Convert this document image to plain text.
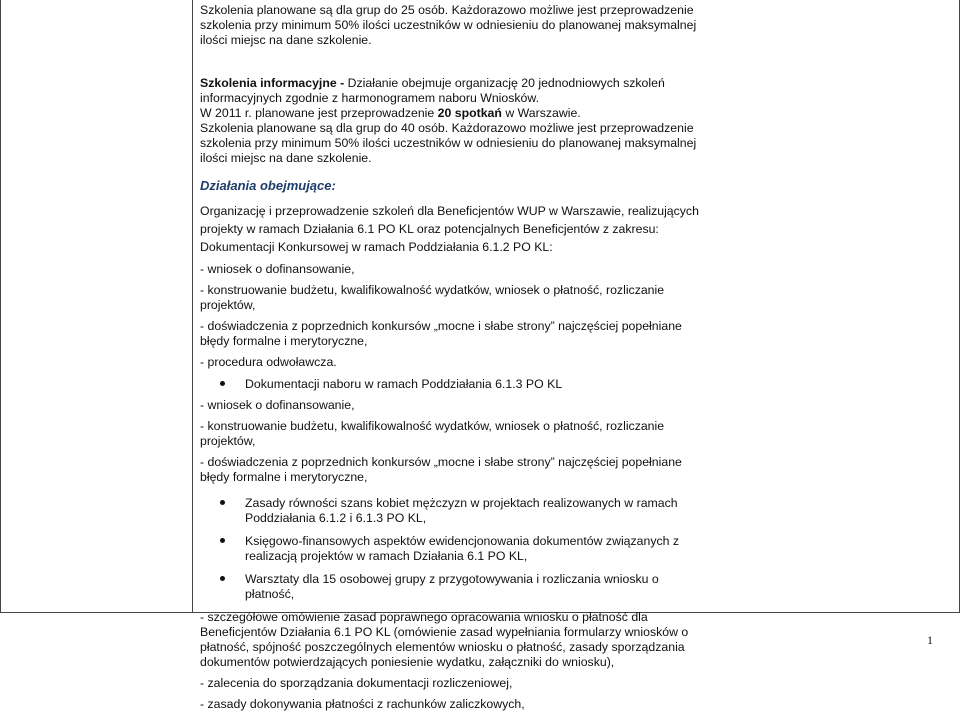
Szkolenia planowane są dla grup do 25 osób. Każdorazowo możliwe jest przeprowadzenie szkolenia przy minimum 50% ilości uczestników w odniesieniu do planowanej maksymalnej ilości miejsc na dane szkolenie.

Szkolenia informacyjne - Działanie obejmuje organizację 20 jednodniowych szkoleń informacyjnych zgodnie z harmonogramem naboru Wniosków.

W 2011 r. planowane jest przeprowadzenie 20 spotkań w Warszawie.

Szkolenia planowane są dla grup do 40 osób. Każdorazowo możliwe jest przeprowadzenie szkolenia przy minimum 50% ilości uczestników w odniesieniu do planowanej maksymalnej ilości miejsc na dane szkolenie.

Działania obejmujące:

Organizację i przeprowadzenie szkoleń dla Beneficjentów WUP w Warszawie, realizujących projekty w ramach Działania 6.1 PO KL oraz potencjalnych Beneficjentów z zakresu: Dokumentacji Konkursowej w ramach Poddziałania 6.1.2 PO KL:

- wniosek o dofinansowanie,

- konstruowanie budżetu, kwalifikowalność wydatków, wniosek o płatność, rozliczanie projektów,

- doświadczenia z poprzednich konkursów „mocne i słabe strony” najczęściej popełniane błędy formalne i merytoryczne,

- procedura odwoławcza.

Dokumentacji naboru w ramach Poddziałania 6.1.3 PO KL

- wniosek o dofinansowanie,

- konstruowanie budżetu, kwalifikowalność wydatków, wniosek o płatność, rozliczanie projektów,

- doświadczenia z poprzednich konkursów „mocne i słabe strony” najczęściej popełniane błędy formalne i merytoryczne,

Zasady równości szans kobiet mężczyzn w projektach realizowanych w ramach Poddziałania 6.1.2 i 6.1.3 PO KL,
Księgowo-finansowych aspektów ewidencjonowania dokumentów związanych z realizacją projektów w ramach Działania 6.1 PO KL,
Warsztaty dla 15 osobowej grupy z przygotowywania i rozliczania wniosku o płatność,

- szczegółowe omówienie zasad poprawnego opracowania wniosku o płatność dla Beneficjentów Działania 6.1 PO KL (omówienie zasad wypełniania formularzy wniosków o płatność, spójność poszczególnych elementów wniosku o płatność, zasady sporządzania dokumentów potwierdzających poniesienie wydatku, załączniki do wniosku),

- zalecenia do sporządzania dokumentacji rozliczeniowej,

- zasady dokonywania płatności z rachunków zaliczkowych,

1
